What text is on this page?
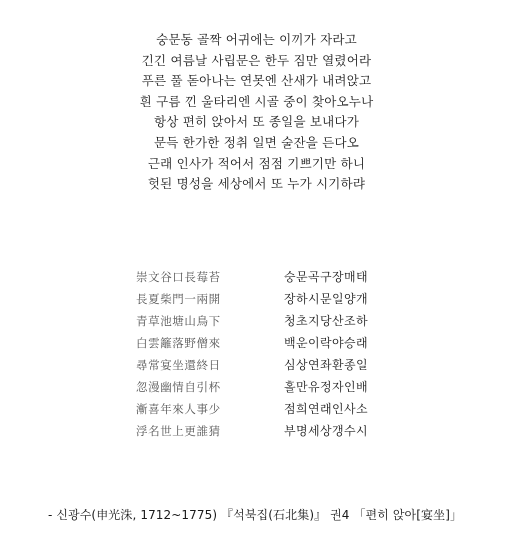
숭문동 골짝 어귀에는 이끼가 자라고
긴긴 여름날 사립문은 한두 짐만 열렸어라
푸른 풀 돋아나는 연못엔 산새가 내려앉고
흰 구름 낀 울타리엔 시골 중이 찾아오누나
항상 편히 앉아서 또 종일을 보내다가
문득 한가한 정취 일면 술잔을 든다오
근래 인사가 적어서 점점 기쁘기만 하니
헛된 명성을 세상에서 또 누가 시기하랴
崇文谷口長莓苔	숭문곡구장매태
長夏柴門一兩開	장하시문일양개
青草池塘山鳥下	청초지당산조하
白雲籬落野僧來	백운이락야승래
尋常宴坐還終日	심상연좌환종일
忽漫幽情自引杯	홀만유정자인배
漸喜年來人事少	점희연래인사소
浮名世上更誰猜	부명세상갱수시
- 신광수(申光洙, 1712~1775) 『석북집(石北集)』 권4 「편히 앉아[宴坐]」
